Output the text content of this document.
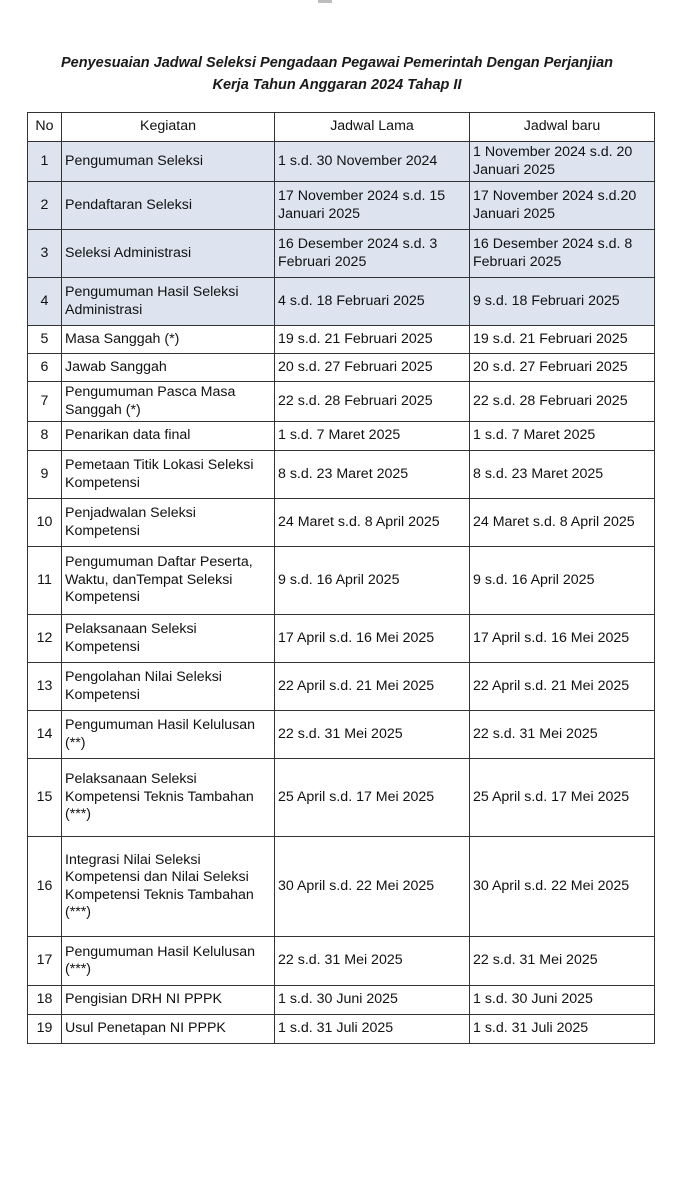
Penyesuaian Jadwal Seleksi Pengadaan Pegawai Pemerintah Dengan Perjanjian
Kerja Tahun Anggaran 2024 Tahap II
No	Kegiatan	Jadwal Lama	Jadwal baru
1	Pengumuman Seleksi	1 s.d. 30 November 2024	1 November 2024 s.d. 20 Januari 2025
2	Pendaftaran Seleksi	17 November 2024 s.d. 15 Januari 2025	17 November 2024 s.d.20 Januari 2025
3	Seleksi Administrasi	16 Desember 2024 s.d. 3 Februari 2025	16 Desember 2024 s.d. 8 Februari 2025
4	Pengumuman Hasil Seleksi Administrasi	4 s.d. 18 Februari 2025	9 s.d. 18 Februari 2025
5	Masa Sanggah (*)	19 s.d. 21 Februari 2025	19 s.d. 21 Februari 2025
6	Jawab Sanggah	20 s.d. 27 Februari 2025	20 s.d. 27 Februari 2025
7	Pengumuman Pasca Masa Sanggah (*)	22 s.d. 28 Februari 2025	22 s.d. 28 Februari 2025
8	Penarikan data final	1 s.d. 7 Maret 2025	1 s.d. 7 Maret 2025
9	Pemetaan Titik Lokasi Seleksi Kompetensi	8 s.d. 23 Maret 2025	8 s.d. 23 Maret 2025
10	Penjadwalan Seleksi Kompetensi	24 Maret s.d. 8 April 2025	24 Maret s.d. 8 April 2025
11	Pengumuman Daftar Peserta, Waktu, danTempat Seleksi Kompetensi	9 s.d. 16 April 2025	9 s.d. 16 April 2025
12	Pelaksanaan Seleksi Kompetensi	17 April s.d. 16 Mei 2025	17 April s.d. 16 Mei 2025
13	Pengolahan Nilai Seleksi Kompetensi	22 April s.d. 21 Mei 2025	22 April s.d. 21 Mei 2025
14	Pengumuman Hasil Kelulusan (**)	22 s.d. 31 Mei 2025	22 s.d. 31 Mei 2025
15	Pelaksanaan Seleksi Kompetensi Teknis Tambahan (***)	25 April s.d. 17 Mei 2025	25 April s.d. 17 Mei 2025
16	Integrasi Nilai Seleksi Kompetensi dan Nilai Seleksi Kompetensi Teknis Tambahan (***)	30 April s.d. 22 Mei 2025	30 April s.d. 22 Mei 2025
17	Pengumuman Hasil Kelulusan (***)	22 s.d. 31 Mei 2025	22 s.d. 31 Mei 2025
18	Pengisian DRH NI PPPK	1 s.d. 30 Juni 2025	1 s.d. 30 Juni 2025
19	Usul Penetapan NI PPPK	1 s.d. 31 Juli 2025	1 s.d. 31 Juli 2025
